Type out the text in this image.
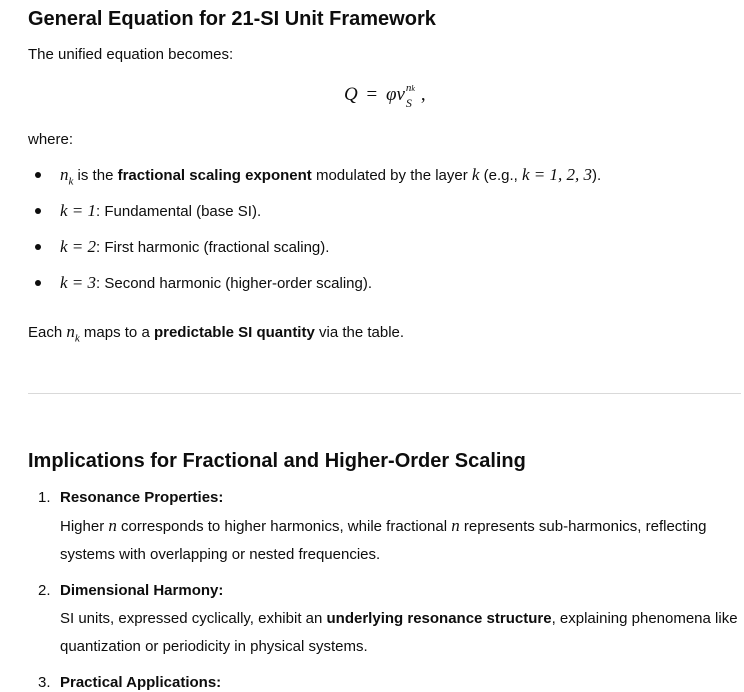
General Equation for 21-SI Unit Framework
The unified equation becomes:
Q = φν nk
S ,
where:
$n_k$ is the fractional scaling exponent modulated by the layer k (e.g., k = 1, 2, 3).
k = 1: Fundamental (base SI).
k = 2: First harmonic (fractional scaling).
k = 3: Second harmonic (higher-order scaling).
Each $n_k$ maps to a predictable SI quantity via the table.
Implications for Fractional and Higher-Order Scaling
1. Resonance Properties:
Higher n corresponds to higher harmonics, while fractional n represents sub-harmonics, reflecting systems with overlapping or nested frequencies.
2. Dimensional Harmony:
SI units, expressed cyclically, exhibit an underlying resonance structure, explaining phenomena like quantization or periodicity in physical systems.
3. Practical Applications:
